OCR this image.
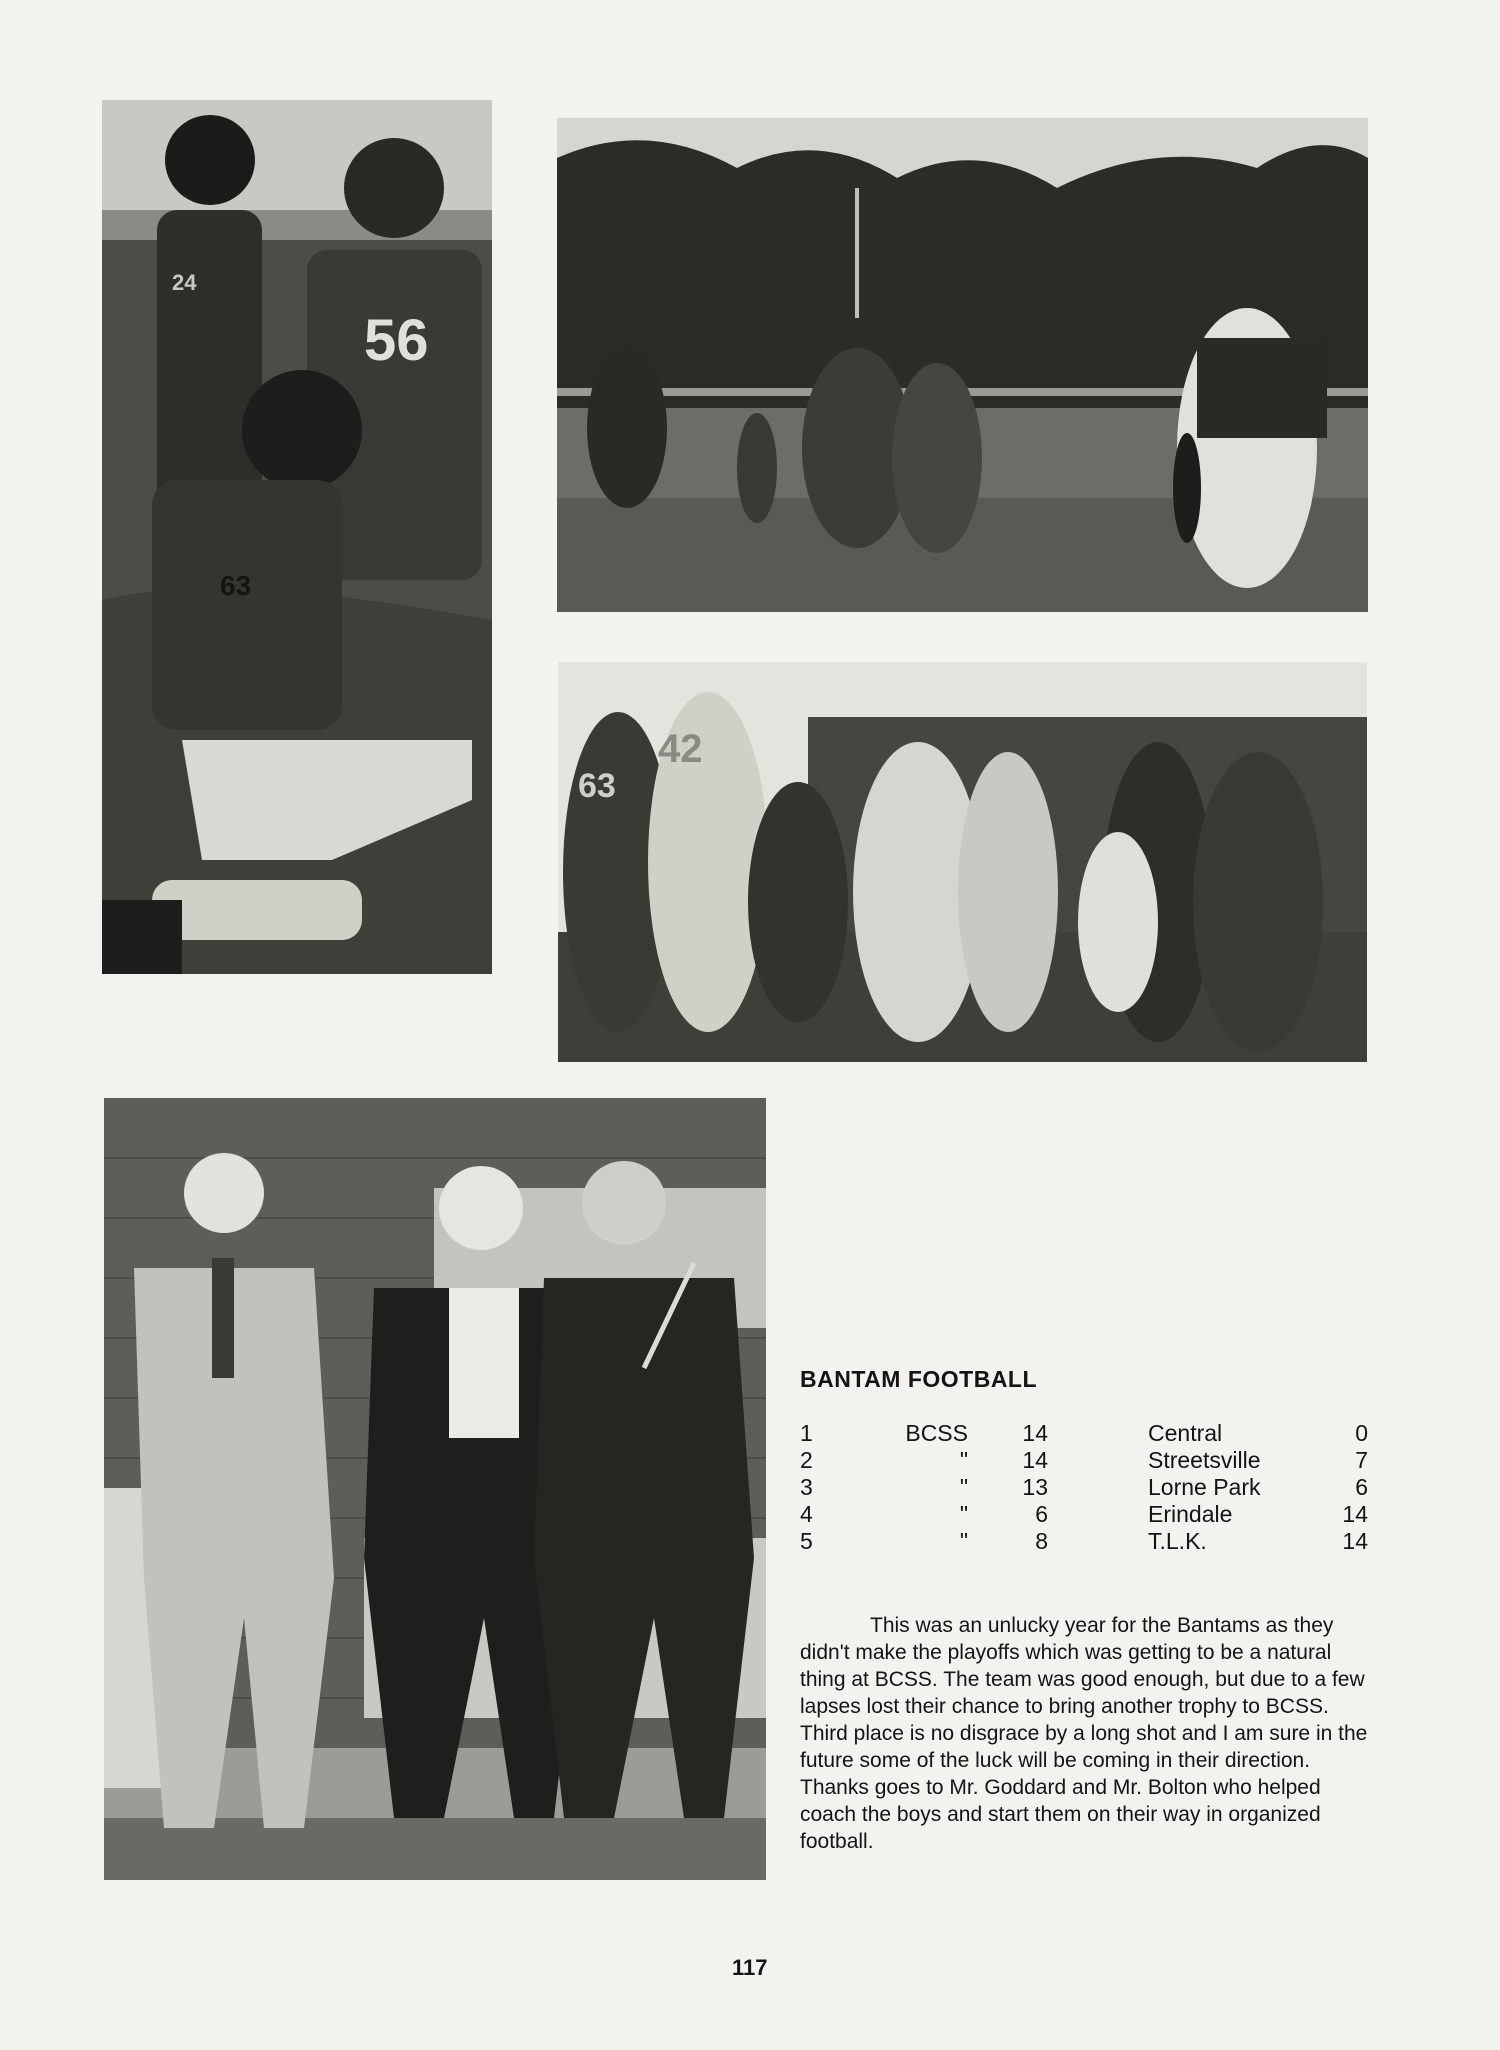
24
56
63
63
42
BANTAM FOOTBALL
1	BCSS	14	Central	0
2	"	14	Streetsville	7
3	"	13	Lorne Park	6
4	"	6	Erindale	14
5	"	8	T.L.K.	14

This was an unlucky year for the Bantams as they didn't make the playoffs which was getting to be a natural thing at BCSS. The team was good enough, but due to a few lapses lost their chance to bring another trophy to BCSS. Third place is no disgrace by a long shot and I am sure in the future some of the luck will be coming in their direction. Thanks goes to Mr. Goddard and Mr. Bolton who helped coach the boys and start them on their way in organized football.

117
